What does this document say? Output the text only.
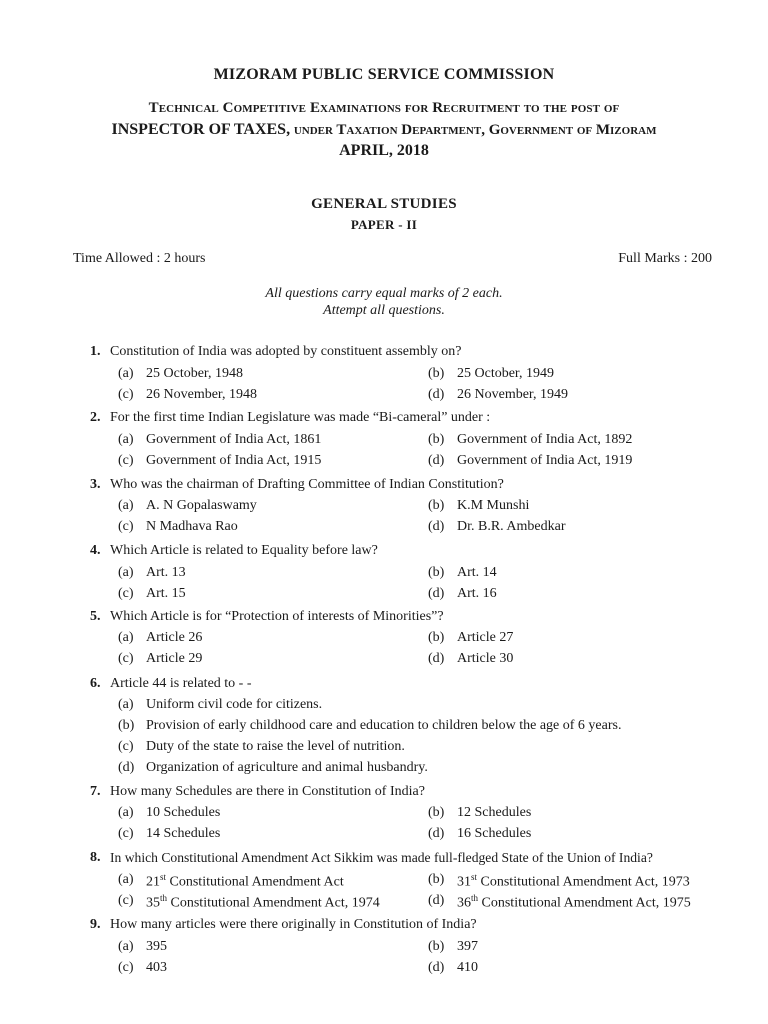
MIZORAM PUBLIC SERVICE COMMISSION
Technical Competitive Examinations for Recruitment to the post of
INSPECTOR OF TAXES, under Taxation Department, Government of Mizoram
APRIL, 2018
GENERAL STUDIES
PAPER - II
Time Allowed : 2 hours	Full Marks : 200
All questions carry equal marks of 2 each.
Attempt all questions.
1. Constitution of India was adopted by constituent assembly on?
(a) 25 October, 1948	(b) 25 October, 1949
(c) 26 November, 1948	(d) 26 November, 1949
2. For the first time Indian Legislature was made “Bi-cameral” under :
(a) Government of India Act, 1861	(b) Government of India Act, 1892
(c) Government of India Act, 1915	(d) Government of India Act, 1919
3. Who was the chairman of Drafting Committee of Indian Constitution?
(a) A. N Gopalaswamy	(b) K.M Munshi
(c) N Madhava Rao	(d) Dr. B.R. Ambedkar
4. Which Article is related to Equality before law?
(a) Art. 13	(b) Art. 14
(c) Art. 15	(d) Art. 16
5. Which Article is for “Protection of interests of Minorities”?
(a) Article 26	(b) Article 27
(c) Article 29	(d) Article 30
6. Article 44 is related to - -
(a) Uniform civil code for citizens.
(b) Provision of early childhood care and education to children below the age of 6 years.
(c) Duty of the state to raise the level of nutrition.
(d) Organization of agriculture and animal husbandry.
7. How many Schedules are there in Constitution of India?
(a) 10 Schedules	(b) 12 Schedules
(c) 14 Schedules	(d) 16 Schedules
8. In which Constitutional Amendment Act Sikkim was made full-fledged State of the Union of India?
(a) 21st Constitutional Amendment Act	(b) 31st Constitutional Amendment Act, 1973
(c) 35th Constitutional Amendment Act, 1974	(d) 36th Constitutional Amendment Act, 1975
9. How many articles were there originally in Constitution of India?
(a) 395	(b) 397
(c) 403	(d) 410
